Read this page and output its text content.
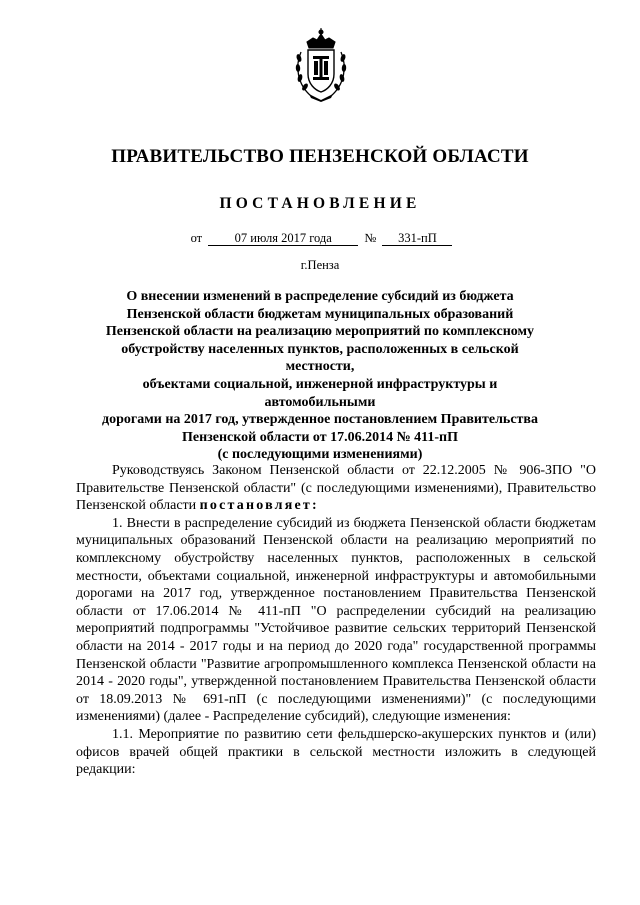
ПРАВИТЕЛЬСТВО ПЕНЗЕНСКОЙ ОБЛАСТИ
ПОСТАНОВЛЕНИЕ
от	07 июля 2017 года	№ 331-пП
г.Пенза
О внесении изменений в распределение субсидий из бюджета
Пензенской области бюджетам муниципальных образований
Пензенской области на реализацию мероприятий по комплексному
обустройству населенных пунктов, расположенных в сельской местности,
объектами социальной, инженерной инфраструктуры и автомобильными
дорогами на 2017 год, утвержденное постановлением Правительства
Пензенской области от 17.06.2014 № 411-пП
(с последующими изменениями)

Руководствуясь Законом Пензенской области от 22.12.2005 № 906-ЗПО "О Правительстве Пензенской области" (с последующими изменениями), Правительство Пензенской области постановляет:

1. Внести в распределение субсидий из бюджета Пензенской области бюджетам муниципальных образований Пензенской области на реализацию мероприятий по комплексному обустройству населенных пунктов, расположенных в сельской местности, объектами социальной, инженерной инфраструктуры и автомобильными дорогами на 2017 год, утвержденное постановлением Правительства Пензенской области от 17.06.2014 № 411-пП "О распределении субсидий на реализацию мероприятий подпрограммы "Устойчивое развитие сельских территорий Пензенской области на 2014 - 2017 годы и на период до 2020 года" государственной программы Пензенской области "Развитие агропромышленного комплекса Пензенской области на 2014 - 2020 годы", утвержденной постановлением Правительства Пензенской области от 18.09.2013 № 691-пП (с последующими изменениями)" (с последующими изменениями) (далее - Распределение субсидий), следующие изменения:

1.1. Мероприятие по развитию сети фельдшерско-акушерских пунктов и (или) офисов врачей общей практики в сельской местности изложить в следующей редакции:
